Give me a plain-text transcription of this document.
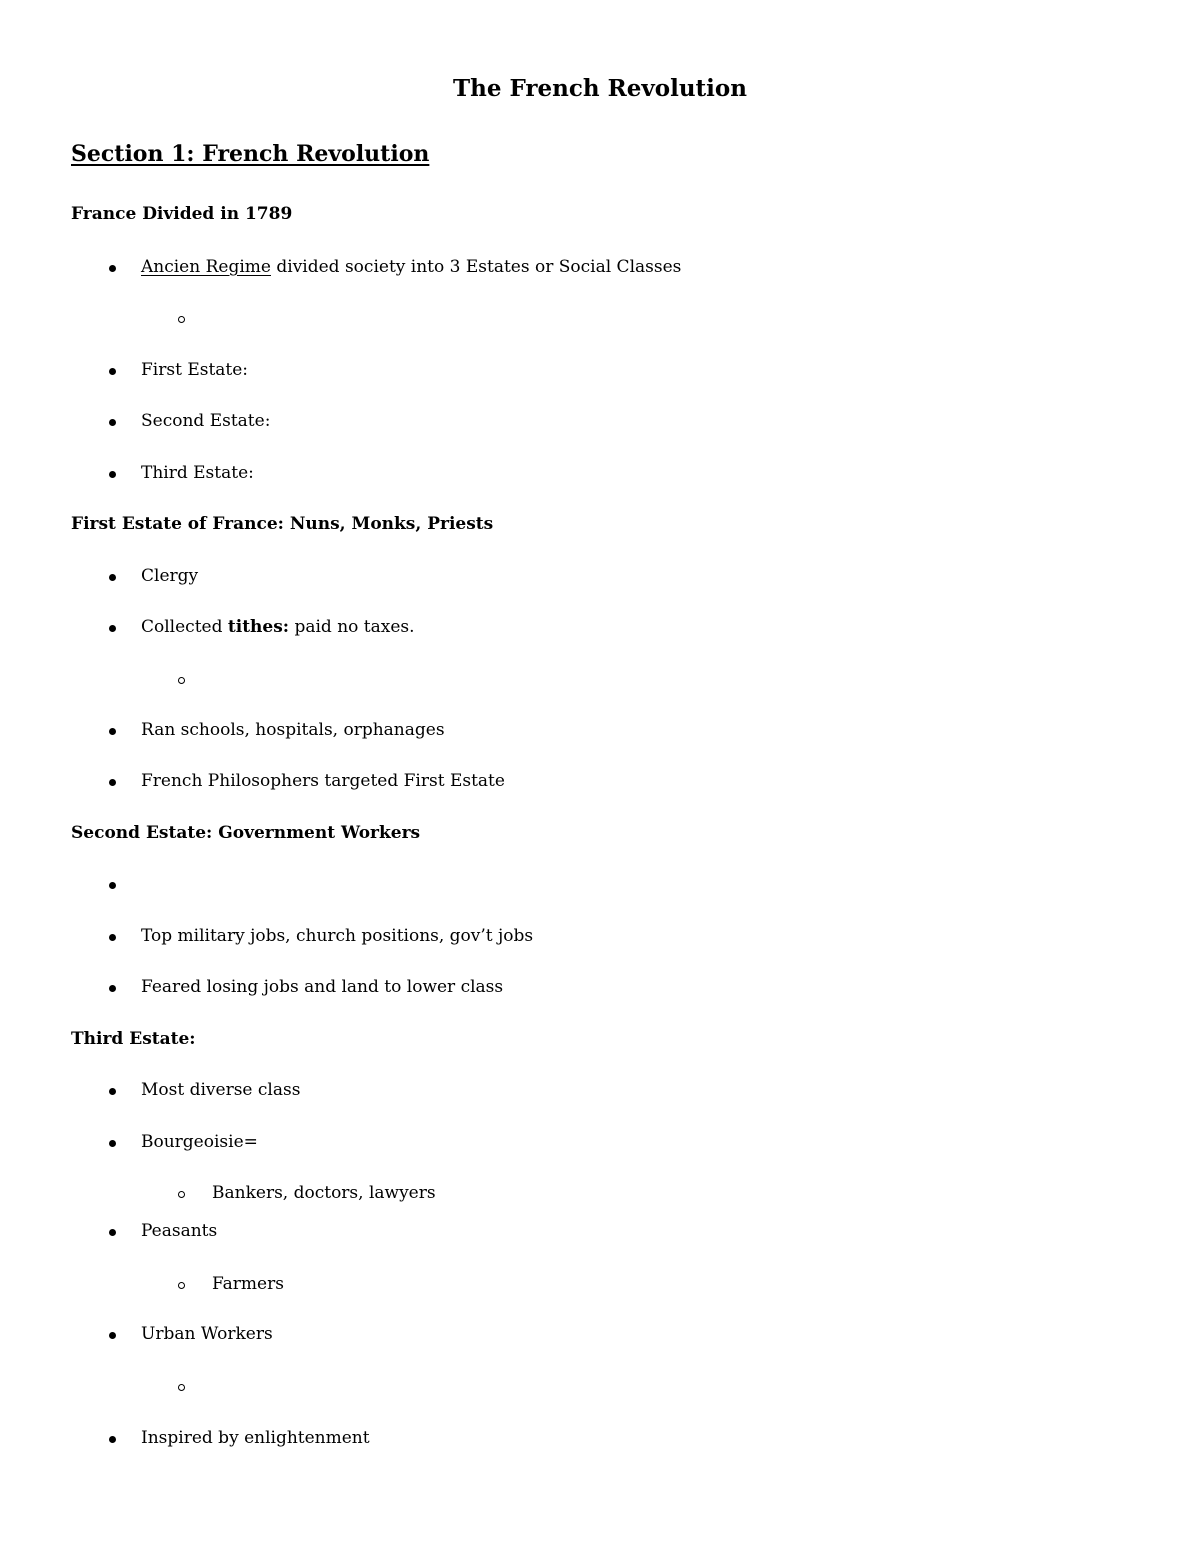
The French Revolution
Section 1: French Revolution
France Divided in 1789
Ancien Regime divided society into 3 Estates or Social Classes
First Estate:
Second Estate:
Third Estate:
First Estate of France: Nuns, Monks, Priests
Clergy
Collected tithes: paid no taxes.
Ran schools, hospitals, orphanages
French Philosophers targeted First Estate
Second Estate: Government Workers
Top military jobs, church positions, gov’t jobs
Feared losing jobs and land to lower class
Third Estate:
Most diverse class
Bourgeoisie=
Bankers, doctors, lawyers
Peasants
Farmers
Urban Workers
Inspired by enlightenment
